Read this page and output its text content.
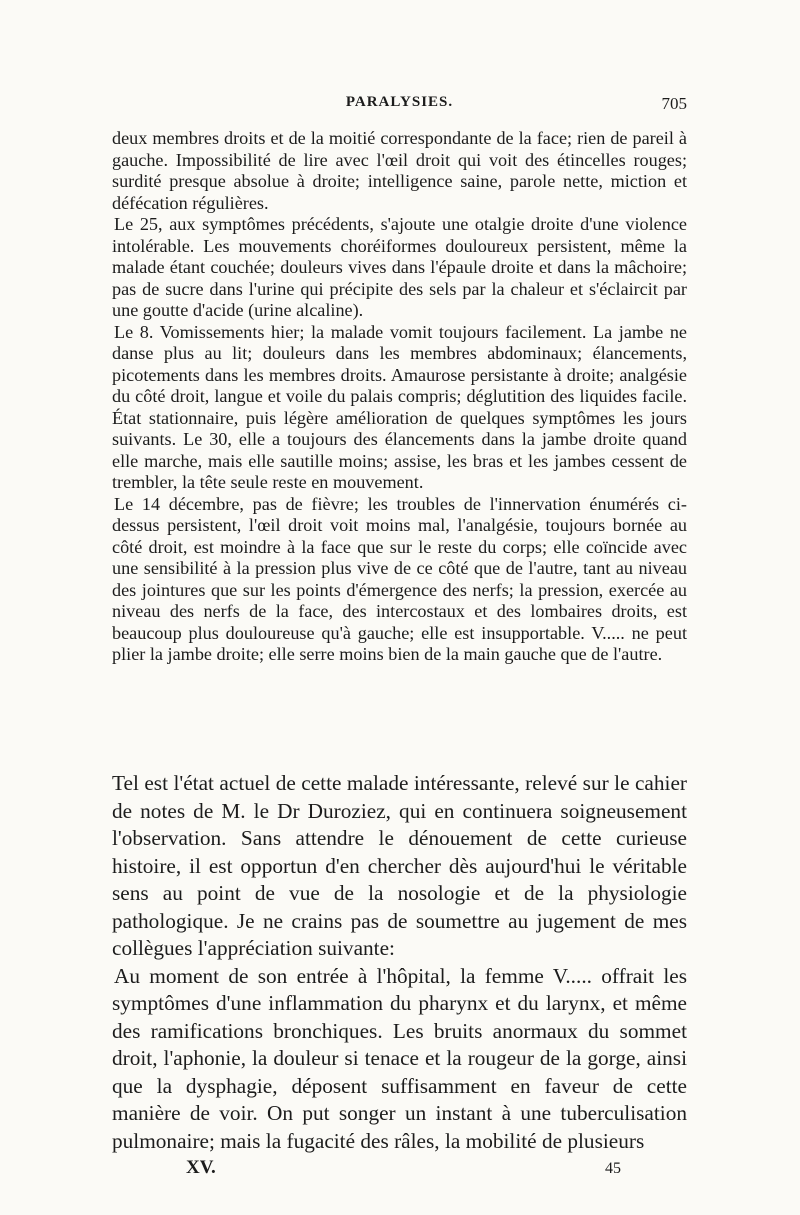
PARALYSIES.	705

deux membres droits et de la moitié correspondante de la face; rien de pareil à gauche. Impossibilité de lire avec l'œil droit qui voit des étincelles rouges; surdité presque absolue à droite; intelligence saine, parole nette, miction et défécation régulières.

Le 25, aux symptômes précédents, s'ajoute une otalgie droite d'une violence intolérable. Les mouvements choréiformes douloureux persistent, même la malade étant couchée; douleurs vives dans l'épaule droite et dans la mâchoire; pas de sucre dans l'urine qui précipite des sels par la chaleur et s'éclaircit par une goutte d'acide (urine alcaline).

Le 8. Vomissements hier; la malade vomit toujours facilement. La jambe ne danse plus au lit; douleurs dans les membres abdominaux; élancements, picotements dans les membres droits. Amaurose persistante à droite; analgésie du côté droit, langue et voile du palais compris; déglutition des liquides facile. État stationnaire, puis légère amélioration de quelques symptômes les jours suivants. Le 30, elle a toujours des élancements dans la jambe droite quand elle marche, mais elle sautille moins; assise, les bras et les jambes cessent de trembler, la tête seule reste en mouvement.

Le 14 décembre, pas de fièvre; les troubles de l'innervation énumérés ci-dessus persistent, l'œil droit voit moins mal, l'analgésie, toujours bornée au côté droit, est moindre à la face que sur le reste du corps; elle coïncide avec une sensibilité à la pression plus vive de ce côté que de l'autre, tant au niveau des jointures que sur les points d'émergence des nerfs; la pression, exercée au niveau des nerfs de la face, des intercostaux et des lombaires droits, est beaucoup plus douloureuse qu'à gauche; elle est insupportable. V..... ne peut plier la jambe droite; elle serre moins bien de la main gauche que de l'autre.

Tel est l'état actuel de cette malade intéressante, relevé sur le cahier de notes de M. le Dr Duroziez, qui en continuera soigneusement l'observation. Sans attendre le dénouement de cette curieuse histoire, il est opportun d'en chercher dès aujourd'hui le véritable sens au point de vue de la nosologie et de la physiologie pathologique. Je ne crains pas de soumettre au jugement de mes collègues l'appréciation suivante:

Au moment de son entrée à l'hôpital, la femme V..... offrait les symptômes d'une inflammation du pharynx et du larynx, et même des ramifications bronchiques. Les bruits anormaux du sommet droit, l'aphonie, la douleur si tenace et la rougeur de la gorge, ainsi que la dysphagie, déposent suffisamment en faveur de cette manière de voir. On put songer un instant à une tuberculisation pulmonaire; mais la fugacité des râles, la mobilité de plusieurs

XV.	45
